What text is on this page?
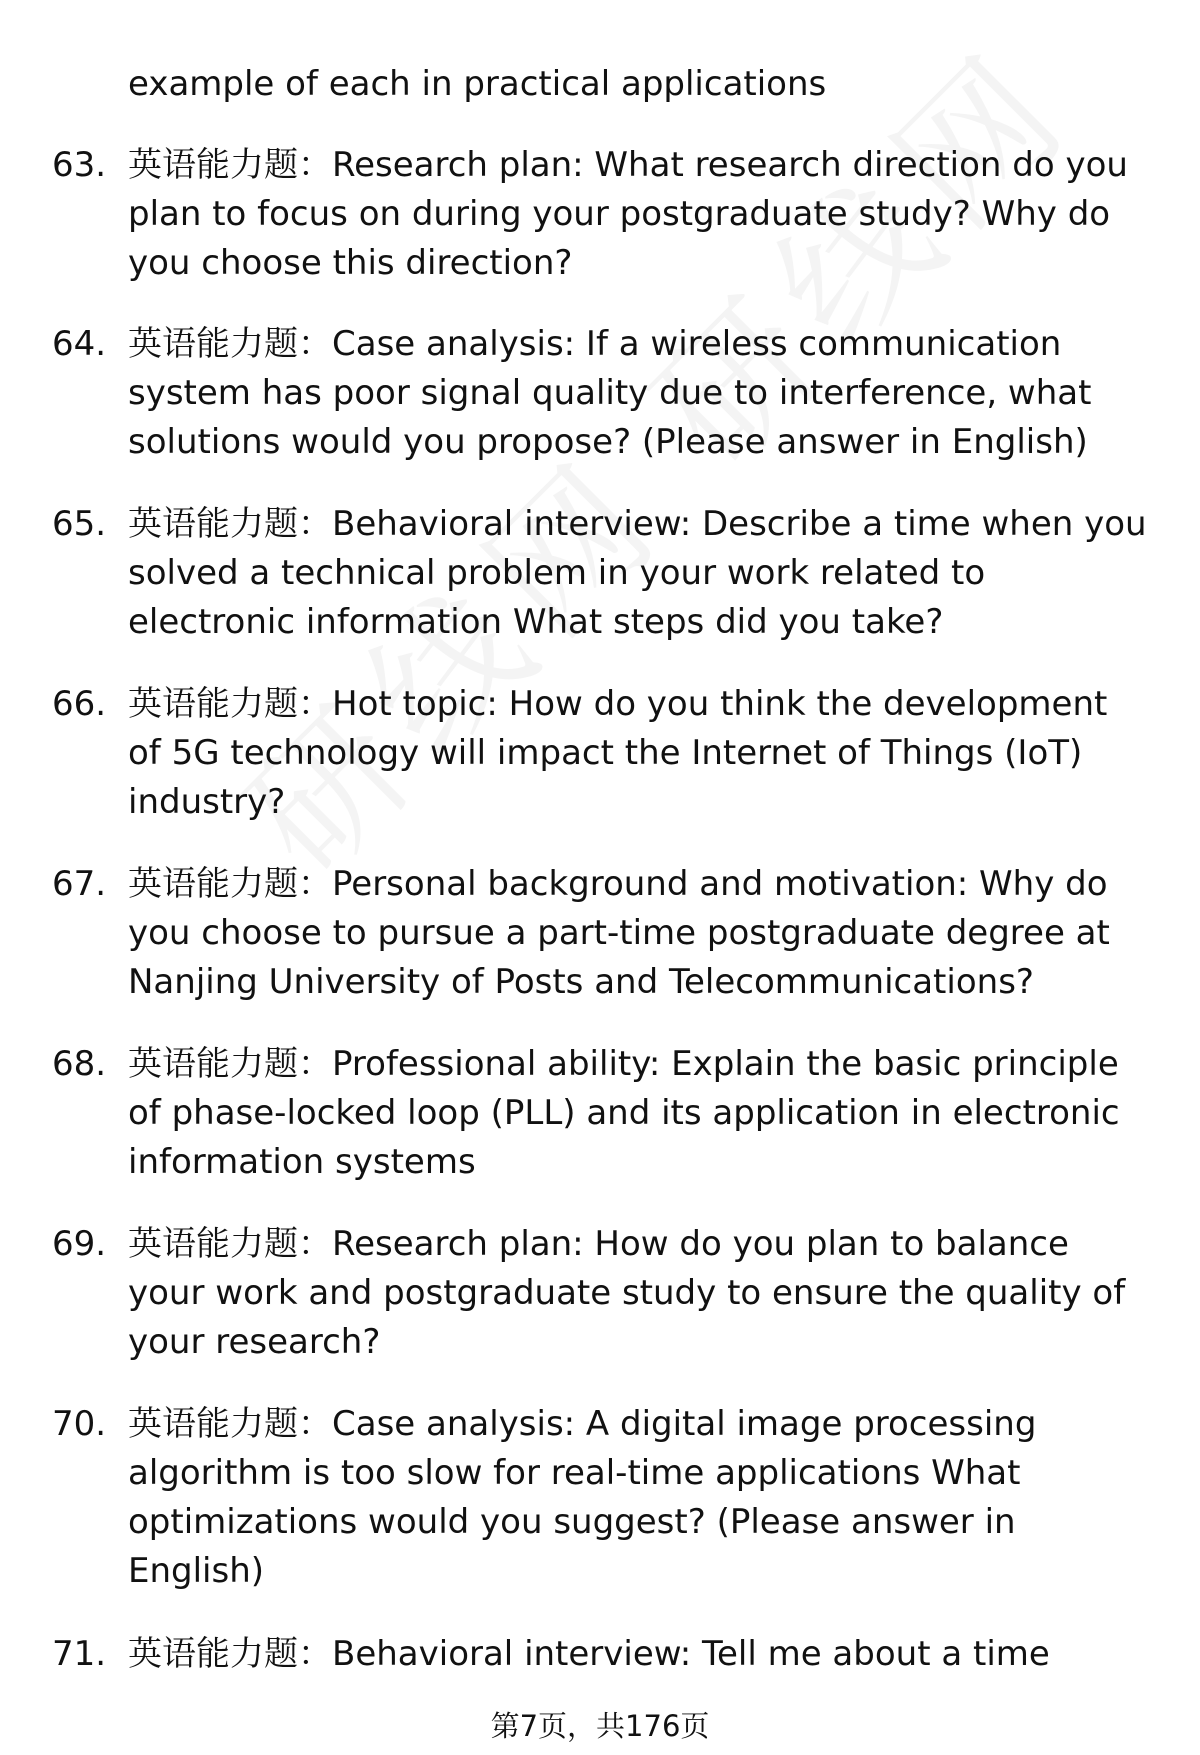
example of each in practical applications
63. 英语能力题：Research plan: What research direction do you plan to focus on during your postgraduate study? Why do you choose this direction?
64. 英语能力题：Case analysis: If a wireless communication system has poor signal quality due to interference, what solutions would you propose? (Please answer in English)
65. 英语能力题：Behavioral interview: Describe a time when you solved a technical problem in your work related to electronic information What steps did you take?
66. 英语能力题：Hot topic: How do you think the development of 5G technology will impact the Internet of Things (IoT) industry?
67. 英语能力题：Personal background and motivation: Why do you choose to pursue a part-time postgraduate degree at Nanjing University of Posts and Telecommunications?
68. 英语能力题：Professional ability: Explain the basic principle of phase-locked loop (PLL) and its application in electronic information systems
69. 英语能力题：Research plan: How do you plan to balance your work and postgraduate study to ensure the quality of your research?
70. 英语能力题：Case analysis: A digital image processing algorithm is too slow for real-time applications What optimizations would you suggest? (Please answer in English)
71. 英语能力题：Behavioral interview: Tell me about a time
第7页，共176页
